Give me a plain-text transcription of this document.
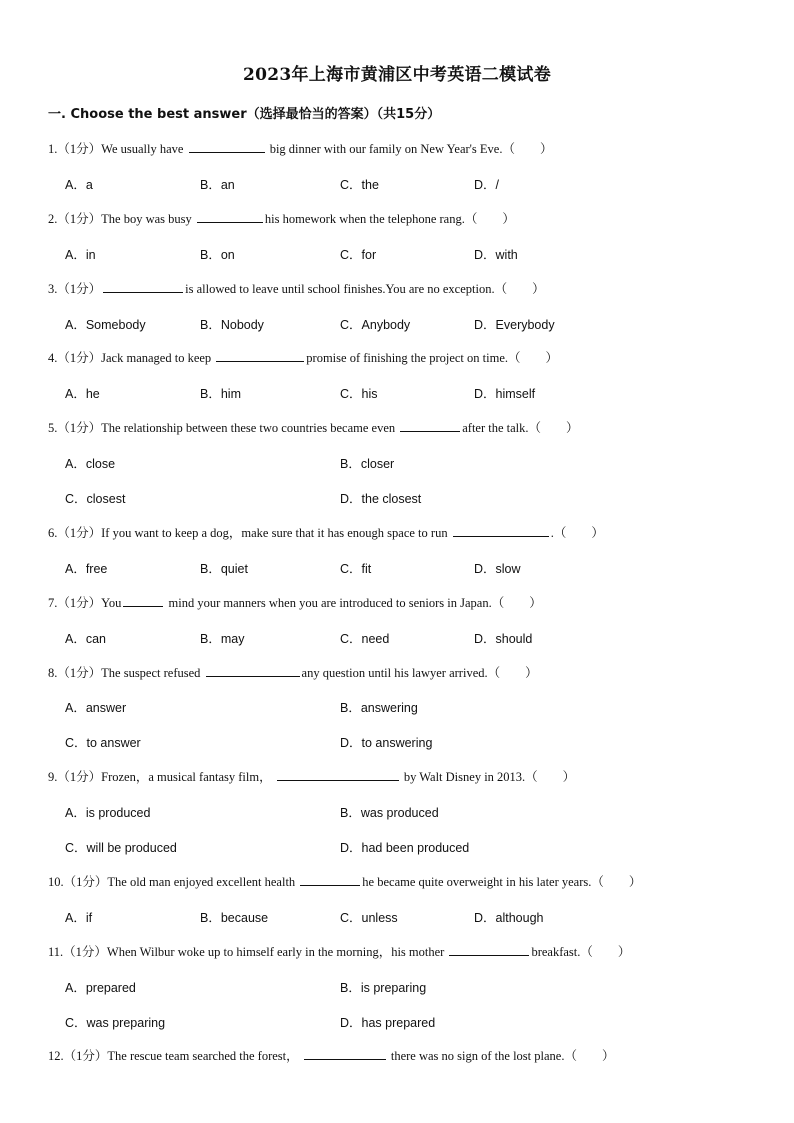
2023年上海市黄浦区中考英语二模试卷
一. Choose the best answer（选择最恰当的答案）（共15分）
1.（1分）We usually have	big dinner with our family on New Year's Eve.（　　）
A．a	B．an	C．the	D．/
2.（1分）The boy was busy	his homework when the telephone rang.（　　）
A．in	B．on	C．for	D．with
3.（1分）	is allowed to leave until school finishes.You are no exception.（　　）
A．Somebody	B．Nobody	C．Anybody	D．Everybody
4.（1分）Jack managed to keep	promise of finishing the project on time.（　　）
A．he	B．him	C．his	D．himself
5.（1分）The relationship between these two countries became even	after the talk.（　　）
A．close	B．closer
C．closest	D．the closest
6.（1分）If you want to keep a dog，make sure that it has enough space to run	.（　　）
A．free	B．quiet	C．fit	D．slow
7.（1分）You	mind your manners when you are introduced to seniors in Japan.（　　）
A．can	B．may	C．need	D．should
8.（1分）The suspect refused	any question until his lawyer arrived.（　　）
A．answer	B．answering
C．to answer	D．to answering
9.（1分）Frozen，a musical fantasy film，	by Walt Disney in 2013.（　　）
A．is produced	B．was produced
C．will be produced	D．had been produced
10.（1分）The old man enjoyed excellent health	he became quite overweight in his later years.（　　）
A．if	B．because	C．unless	D．although
11.（1分）When Wilbur woke up to himself early in the morning，his mother	breakfast.（　　）
A．prepared	B．is preparing
C．was preparing	D．has prepared
12.（1分）The rescue team searched the forest，	there was no sign of the lost plane.（　　）
